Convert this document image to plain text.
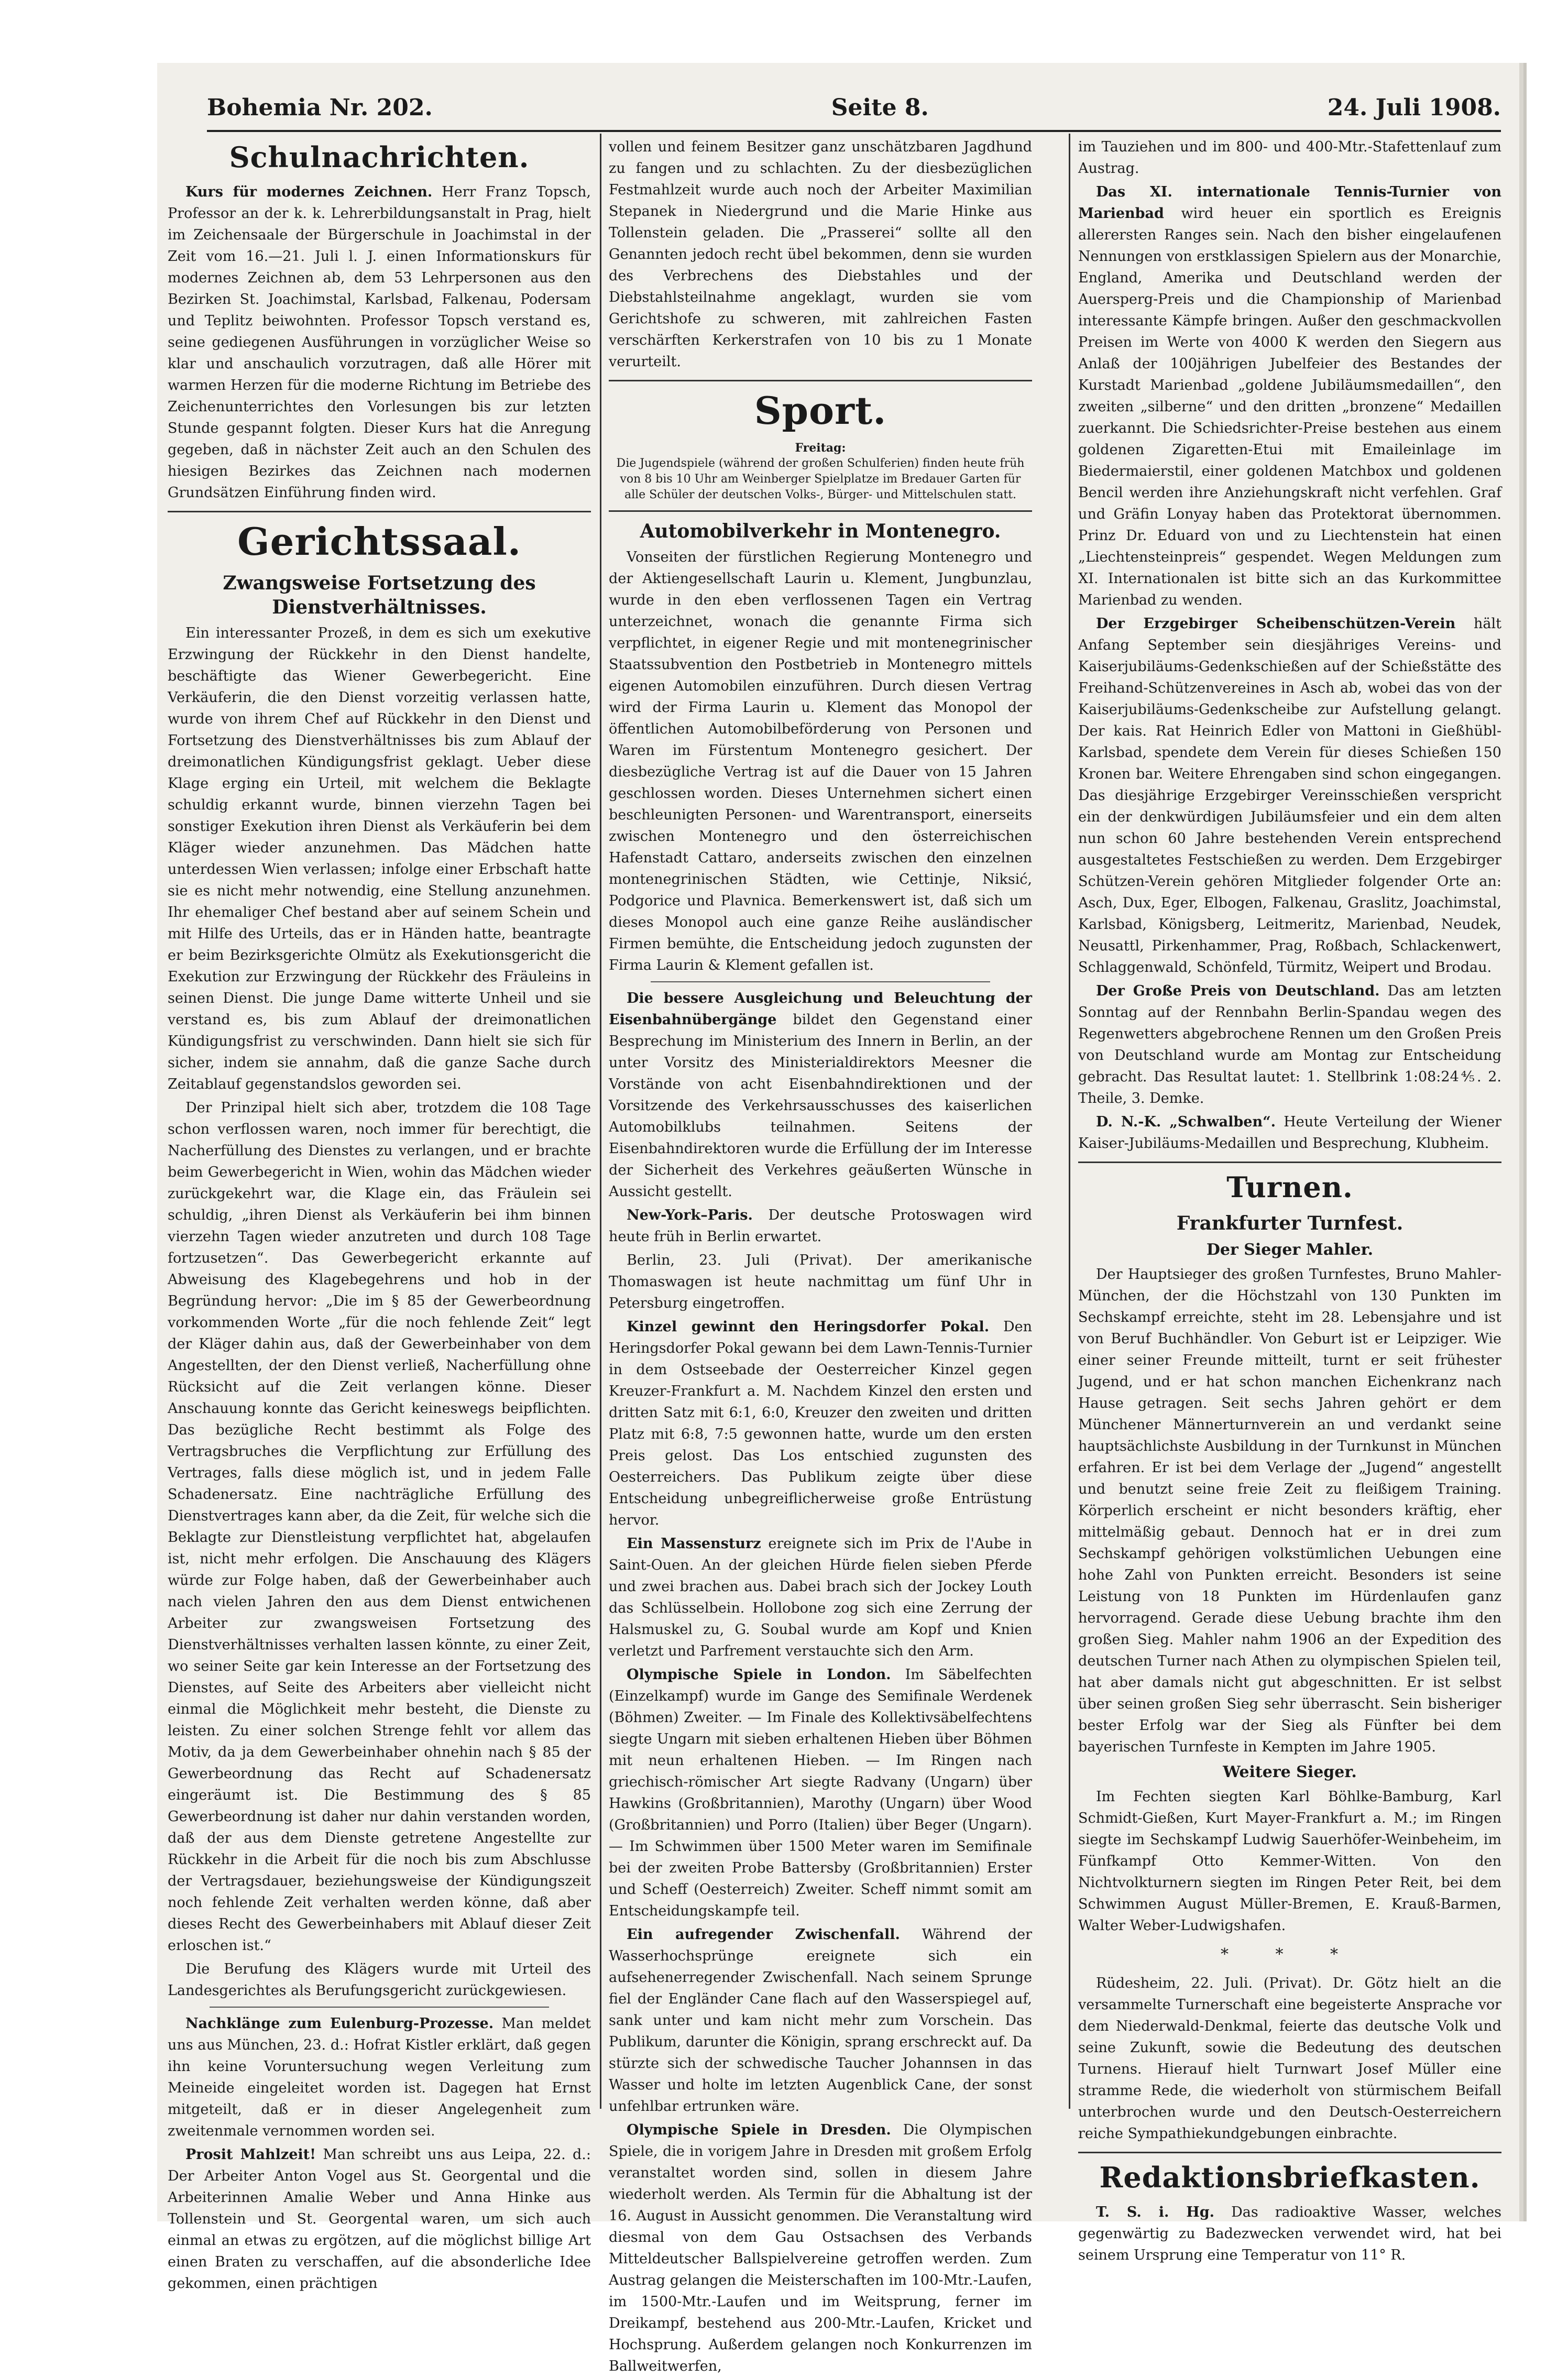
Bohemia Nr. 202.	Seite 8.	24. Juli 1908.
Schulnachrichten.

Kurs für modernes Zeichnen. Herr Franz Topsch, Professor an der k. k. Lehrerbildungsanstalt in Prag, hielt im Zeichensaale der Bürgerschule in Joachimstal in der Zeit vom 16.—21. Juli l. J. einen Informationskurs für modernes Zeichnen ab, dem 53 Lehrpersonen aus den Bezirken St. Joachimstal, Karlsbad, Falkenau, Podersam und Teplitz beiwohnten. Professor Topsch verstand es, seine gediegenen Ausführungen in vorzüglicher Weise so klar und anschaulich vorzutragen, daß alle Hörer mit warmen Herzen für die moderne Richtung im Betriebe des Zeichenunterrichtes den Vorlesungen bis zur letzten Stunde gespannt folgten. Dieser Kurs hat die Anregung gegeben, daß in nächster Zeit auch an den Schulen des hiesigen Bezirkes das Zeichnen nach modernen Grundsätzen Einführung finden wird.

Gerichtssaal.
Zwangsweise Fortsetzung des Dienstverhältnisses.

Ein interessanter Prozeß, in dem es sich um exekutive Erzwingung der Rückkehr in den Dienst handelte, beschäftigte das Wiener Gewerbegericht. Eine Verkäuferin, die den Dienst vorzeitig verlassen hatte, wurde von ihrem Chef auf Rückkehr in den Dienst und Fortsetzung des Dienstverhältnisses bis zum Ablauf der dreimonatlichen Kündigungsfrist geklagt. Ueber diese Klage erging ein Urteil, mit welchem die Beklagte schuldig erkannt wurde, binnen vierzehn Tagen bei sonstiger Exekution ihren Dienst als Verkäuferin bei dem Kläger wieder anzunehmen. Das Mädchen hatte unterdessen Wien verlassen; infolge einer Erbschaft hatte sie es nicht mehr notwendig, eine Stellung anzunehmen. Ihr ehemaliger Chef bestand aber auf seinem Schein und mit Hilfe des Urteils, das er in Händen hatte, beantragte er beim Bezirksgerichte Olmütz als Exekutionsgericht die Exekution zur Erzwingung der Rückkehr des Fräuleins in seinen Dienst. Die junge Dame witterte Unheil und sie verstand es, bis zum Ablauf der dreimonatlichen Kündigungsfrist zu verschwinden. Dann hielt sie sich für sicher, indem sie annahm, daß die ganze Sache durch Zeitablauf gegenstandslos geworden sei.

Der Prinzipal hielt sich aber, trotzdem die 108 Tage schon verflossen waren, noch immer für berechtigt, die Nacherfüllung des Dienstes zu verlangen, und er brachte beim Gewerbegericht in Wien, wohin das Mädchen wieder zurückgekehrt war, die Klage ein, das Fräulein sei schuldig, „ihren Dienst als Verkäuferin bei ihm binnen vierzehn Tagen wieder anzutreten und durch 108 Tage fortzusetzen“. Das Gewerbegericht erkannte auf Abweisung des Klagebegehrens und hob in der Begründung hervor: „Die im § 85 der Gewerbeordnung vorkommenden Worte „für die noch fehlende Zeit“ legt der Kläger dahin aus, daß der Gewerbeinhaber von dem Angestellten, der den Dienst verließ, Nacherfüllung ohne Rücksicht auf die Zeit verlangen könne. Dieser Anschauung konnte das Gericht keineswegs beipflichten. Das bezügliche Recht bestimmt als Folge des Vertragsbruches die Verpflichtung zur Erfüllung des Vertrages, falls diese möglich ist, und in jedem Falle Schadenersatz. Eine nachträgliche Erfüllung des Dienstvertrages kann aber, da die Zeit, für welche sich die Beklagte zur Dienstleistung verpflichtet hat, abgelaufen ist, nicht mehr erfolgen. Die Anschauung des Klägers würde zur Folge haben, daß der Gewerbeinhaber auch nach vielen Jahren den aus dem Dienst entwichenen Arbeiter zur zwangsweisen Fortsetzung des Dienstverhältnisses verhalten lassen könnte, zu einer Zeit, wo seiner Seite gar kein Interesse an der Fortsetzung des Dienstes, auf Seite des Arbeiters aber vielleicht nicht einmal die Möglichkeit mehr besteht, die Dienste zu leisten. Zu einer solchen Strenge fehlt vor allem das Motiv, da ja dem Gewerbeinhaber ohnehin nach § 85 der Gewerbeordnung das Recht auf Schadenersatz eingeräumt ist. Die Bestimmung des § 85 Gewerbeordnung ist daher nur dahin verstanden worden, daß der aus dem Dienste getretene Angestellte zur Rückkehr in die Arbeit für die noch bis zum Abschlusse der Vertragsdauer, beziehungsweise der Kündigungszeit noch fehlende Zeit verhalten werden könne, daß aber dieses Recht des Gewerbeinhabers mit Ablauf dieser Zeit erloschen ist.“

Die Berufung des Klägers wurde mit Urteil des Landesgerichtes als Berufungsgericht zurückgewiesen.

Nachklänge zum Eulenburg-Prozesse. Man meldet uns aus München, 23. d.: Hofrat Kistler erklärt, daß gegen ihn keine Voruntersuchung wegen Verleitung zum Meineide eingeleitet worden ist. Dagegen hat Ernst mitgeteilt, daß er in dieser Angelegenheit zum zweitenmale vernommen worden sei.

Prosit Mahlzeit! Man schreibt uns aus Leipa, 22. d.: Der Arbeiter Anton Vogel aus St. Georgental und die Arbeiterinnen Amalie Weber und Anna Hinke aus Tollenstein und St. Georgental waren, um sich auch einmal an etwas zu ergötzen, auf die möglichst billige Art einen Braten zu verschaffen, auf die absonderliche Idee gekommen, einen prächtigen

vollen und feinem Besitzer ganz unschätzbaren Jagdhund zu fangen und zu schlachten. Zu der diesbezüglichen Festmahlzeit wurde auch noch der Arbeiter Maximilian Stepanek in Niedergrund und die Marie Hinke aus Tollenstein geladen. Die „Prasserei“ sollte all den Genannten jedoch recht übel bekommen, denn sie wurden des Verbrechens des Diebstahles und der Diebstahlsteilnahme angeklagt, wurden sie vom Gerichtshofe zu schweren, mit zahlreichen Fasten verschärften Kerkerstrafen von 10 bis zu 1 Monate verurteilt.

Sport.
Freitag:
Die Jugendspiele (während der großen Schulferien) finden heute früh von 8 bis 10 Uhr am Weinberger Spielplatze im Bredauer Garten für alle Schüler der deutschen Volks-, Bürger- und Mittelschulen statt.
Automobilverkehr in Montenegro.

Vonseiten der fürstlichen Regierung Montenegro und der Aktiengesellschaft Laurin u. Klement, Jungbunzlau, wurde in den eben verflossenen Tagen ein Vertrag unterzeichnet, wonach die genannte Firma sich verpflichtet, in eigener Regie und mit montenegrinischer Staatssubvention den Postbetrieb in Montenegro mittels eigenen Automobilen einzuführen. Durch diesen Vertrag wird der Firma Laurin u. Klement das Monopol der öffentlichen Automobilbeförderung von Personen und Waren im Fürstentum Montenegro gesichert. Der diesbezügliche Vertrag ist auf die Dauer von 15 Jahren geschlossen worden. Dieses Unternehmen sichert einen beschleunigten Personen- und Warentransport, einerseits zwischen Montenegro und den österreichischen Hafenstadt Cattaro, anderseits zwischen den einzelnen montenegrinischen Städten, wie Cettinje, Niksić, Podgorice und Plavnica. Bemerkenswert ist, daß sich um dieses Monopol auch eine ganze Reihe ausländischer Firmen bemühte, die Entscheidung jedoch zugunsten der Firma Laurin & Klement gefallen ist.

Die bessere Ausgleichung und Beleuchtung der Eisenbahnübergänge bildet den Gegenstand einer Besprechung im Ministerium des Innern in Berlin, an der unter Vorsitz des Ministerialdirektors Meesner die Vorstände von acht Eisenbahndirektionen und der Vorsitzende des Verkehrsausschusses des kaiserlichen Automobilklubs teilnahmen. Seitens der Eisenbahndirektoren wurde die Erfüllung der im Interesse der Sicherheit des Verkehres geäußerten Wünsche in Aussicht gestellt.

New-York–Paris. Der deutsche Protoswagen wird heute früh in Berlin erwartet.

Berlin, 23. Juli (Privat). Der amerikanische Thomaswagen ist heute nachmittag um fünf Uhr in Petersburg eingetroffen.

Kinzel gewinnt den Heringsdorfer Pokal. Den Heringsdorfer Pokal gewann bei dem Lawn-Tennis-Turnier in dem Ostseebade der Oesterreicher Kinzel gegen Kreuzer-Frankfurt a. M. Nachdem Kinzel den ersten und dritten Satz mit 6:1, 6:0, Kreuzer den zweiten und dritten Platz mit 6:8, 7:5 gewonnen hatte, wurde um den ersten Preis gelost. Das Los entschied zugunsten des Oesterreichers. Das Publikum zeigte über diese Entscheidung unbegreiflicherweise große Entrüstung hervor.

Ein Massensturz ereignete sich im Prix de l'Aube in Saint-Ouen. An der gleichen Hürde fielen sieben Pferde und zwei brachen aus. Dabei brach sich der Jockey Louth das Schlüsselbein. Hollobone zog sich eine Zerrung der Halsmuskel zu, G. Soubal wurde am Kopf und Knien verletzt und Parfrement verstauchte sich den Arm.

Olympische Spiele in London. Im Säbelfechten (Einzelkampf) wurde im Gange des Semifinale Werdenek (Böhmen) Zweiter. — Im Finale des Kollektivsäbelfechtens siegte Ungarn mit sieben erhaltenen Hieben über Böhmen mit neun erhaltenen Hieben. — Im Ringen nach griechisch-römischer Art siegte Radvany (Ungarn) über Hawkins (Großbritannien), Marothy (Ungarn) über Wood (Großbritannien) und Porro (Italien) über Beger (Ungarn). — Im Schwimmen über 1500 Meter waren im Semifinale bei der zweiten Probe Battersby (Großbritannien) Erster und Scheff (Oesterreich) Zweiter. Scheff nimmt somit am Entscheidungskampfe teil.

Ein aufregender Zwischenfall. Während der Wasserhochsprünge ereignete sich ein aufsehenerregender Zwischenfall. Nach seinem Sprunge fiel der Engländer Cane flach auf den Wasserspiegel auf, sank unter und kam nicht mehr zum Vorschein. Das Publikum, darunter die Königin, sprang erschreckt auf. Da stürzte sich der schwedische Taucher Johannsen in das Wasser und holte im letzten Augenblick Cane, der sonst unfehlbar ertrunken wäre.

Olympische Spiele in Dresden. Die Olympischen Spiele, die in vorigem Jahre in Dresden mit großem Erfolg veranstaltet worden sind, sollen in diesem Jahre wiederholt werden. Als Termin für die Abhaltung ist der 16. August in Aussicht genommen. Die Veranstaltung wird diesmal von dem Gau Ostsachsen des Verbands Mitteldeutscher Ballspielvereine getroffen werden. Zum Austrag gelangen die Meisterschaften im 100-Mtr.-Laufen, im 1500-Mtr.-Laufen und im Weitsprung, ferner im Dreikampf, bestehend aus 200-Mtr.-Laufen, Kricket und Hochsprung. Außerdem gelangen noch Konkurrenzen im Ballweitwerfen,

im Tauziehen und im 800- und 400-Mtr.-Stafettenlauf zum Austrag.

Das XI. internationale Tennis-Turnier von Marienbad wird heuer ein sportlich es Ereignis allerersten Ranges sein. Nach den bisher eingelaufenen Nennungen von erstklassigen Spielern aus der Monarchie, England, Amerika und Deutschland werden der Auersperg-Preis und die Championship of Marienbad interessante Kämpfe bringen. Außer den geschmackvollen Preisen im Werte von 4000 K werden den Siegern aus Anlaß der 100jährigen Jubelfeier des Bestandes der Kurstadt Marienbad „goldene Jubiläumsmedaillen“, den zweiten „silberne“ und den dritten „bronzene“ Medaillen zuerkannt. Die Schiedsrichter-Preise bestehen aus einem goldenen Zigaretten-Etui mit Emaileinlage im Biedermaierstil, einer goldenen Matchbox und goldenen Bencil werden ihre Anziehungskraft nicht verfehlen. Graf und Gräfin Lonyay haben das Protektorat übernommen. Prinz Dr. Eduard von und zu Liechtenstein hat einen „Liechtensteinpreis“ gespendet. Wegen Meldungen zum XI. Internationalen ist bitte sich an das Kurkommittee Marienbad zu wenden.

Der Erzgebirger Scheibenschützen-Verein hält Anfang September sein diesjähriges Vereins- und Kaiserjubiläums-Gedenkschießen auf der Schießstätte des Freihand-Schützenvereines in Asch ab, wobei das von der Kaiserjubiläums-Gedenkscheibe zur Aufstellung gelangt. Der kais. Rat Heinrich Edler von Mattoni in Gießhübl-Karlsbad, spendete dem Verein für dieses Schießen 150 Kronen bar. Weitere Ehrengaben sind schon eingegangen. Das diesjährige Erzgebirger Vereinsschießen verspricht ein der denkwürdigen Jubiläumsfeier und ein dem alten nun schon 60 Jahre bestehenden Verein entsprechend ausgestaltetes Festschießen zu werden. Dem Erzgebirger Schützen-Verein gehören Mitglieder folgender Orte an: Asch, Dux, Eger, Elbogen, Falkenau, Graslitz, Joachimstal, Karlsbad, Königsberg, Leitmeritz, Marienbad, Neudek, Neusattl, Pirkenhammer, Prag, Roßbach, Schlackenwert, Schlaggenwald, Schönfeld, Türmitz, Weipert und Brodau.

Der Große Preis von Deutschland. Das am letzten Sonntag auf der Rennbahn Berlin-Spandau wegen des Regenwetters abgebrochene Rennen um den Großen Preis von Deutschland wurde am Montag zur Entscheidung gebracht. Das Resultat lautet: 1. Stellbrink 1:08:24⅘. 2. Theile, 3. Demke.

D. N.-K. „Schwalben“. Heute Verteilung der Wiener Kaiser-Jubiläums-Medaillen und Besprechung, Klubheim.

Turnen.
Frankfurter Turnfest.
Der Sieger Mahler.

Der Hauptsieger des großen Turnfestes, Bruno Mahler-München, der die Höchstzahl von 130 Punkten im Sechskampf erreichte, steht im 28. Lebensjahre und ist von Beruf Buchhändler. Von Geburt ist er Leipziger. Wie einer seiner Freunde mitteilt, turnt er seit frühester Jugend, und er hat schon manchen Eichenkranz nach Hause getragen. Seit sechs Jahren gehört er dem Münchener Männerturnverein an und verdankt seine hauptsächlichste Ausbildung in der Turnkunst in München erfahren. Er ist bei dem Verlage der „Jugend“ angestellt und benutzt seine freie Zeit zu fleißigem Training. Körperlich erscheint er nicht besonders kräftig, eher mittelmäßig gebaut. Dennoch hat er in drei zum Sechskampf gehörigen volkstümlichen Uebungen eine hohe Zahl von Punkten erreicht. Besonders ist seine Leistung von 18 Punkten im Hürdenlaufen ganz hervorragend. Gerade diese Uebung brachte ihm den großen Sieg. Mahler nahm 1906 an der Expedition des deutschen Turner nach Athen zu olympischen Spielen teil, hat aber damals nicht gut abgeschnitten. Er ist selbst über seinen großen Sieg sehr überrascht. Sein bisheriger bester Erfolg war der Sieg als Fünfter bei dem bayerischen Turnfeste in Kempten im Jahre 1905.

Weitere Sieger.

Im Fechten siegten Karl Böhlke-Bamburg, Karl Schmidt-Gießen, Kurt Mayer-Frankfurt a. M.; im Ringen siegte im Sechskampf Ludwig Sauerhöfer-Weinbeheim, im Fünfkampf Otto Kemmer-Witten. Von den Nichtvolkturnern siegten im Ringen Peter Reit, bei dem Schwimmen August Müller-Bremen, E. Krauß-Barmen, Walter Weber-Ludwigshafen.

* * *

Rüdesheim, 22. Juli. (Privat). Dr. Götz hielt an die versammelte Turnerschaft eine begeisterte Ansprache vor dem Niederwald-Denkmal, feierte das deutsche Volk und seine Zukunft, sowie die Bedeutung des deutschen Turnens. Hierauf hielt Turnwart Josef Müller eine stramme Rede, die wiederholt von stürmischem Beifall unterbrochen wurde und den Deutsch-Oesterreichern reiche Sympathiekundgebungen einbrachte.

Redaktionsbriefkasten.

T. S. i. Hg. Das radioaktive Wasser, welches gegenwärtig zu Badezwecken verwendet wird, hat bei seinem Ursprung eine Temperatur von 11° R.
